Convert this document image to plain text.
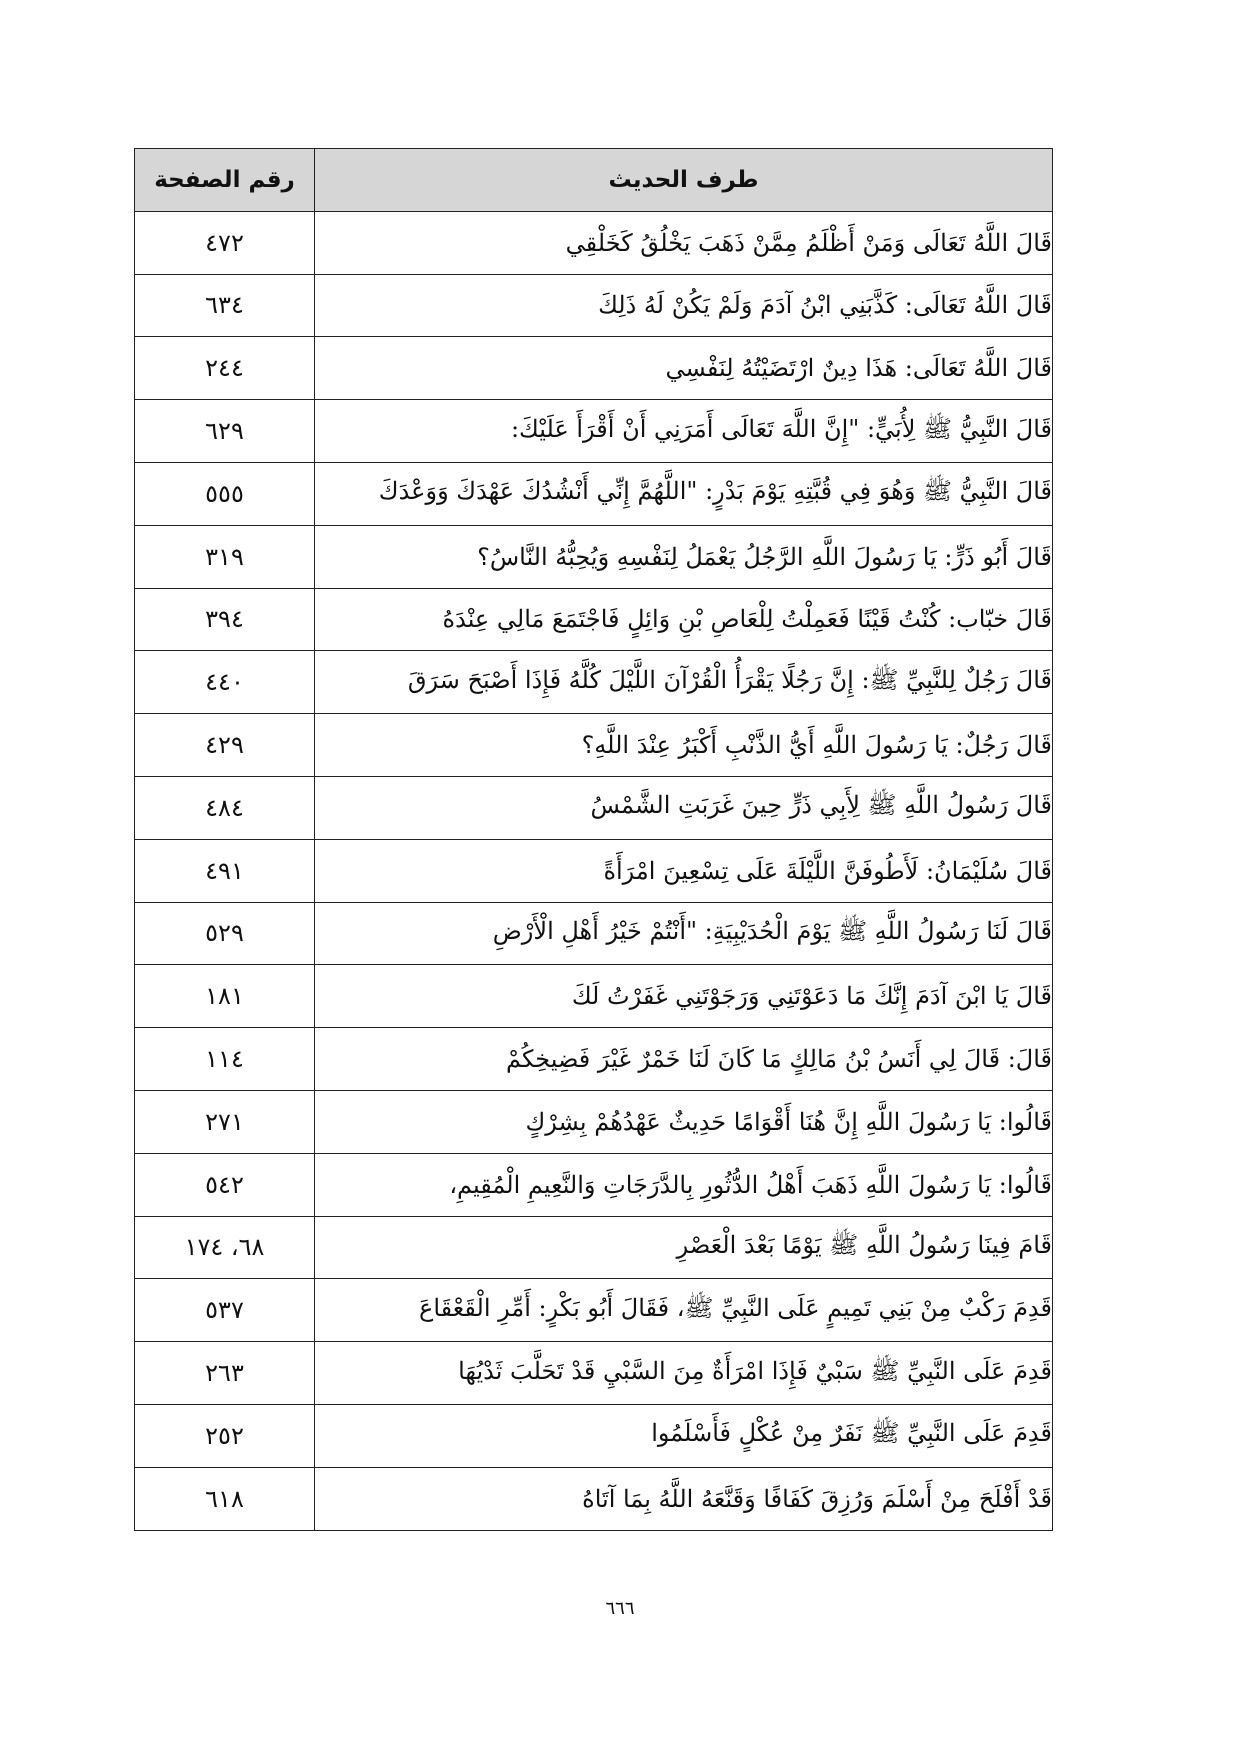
طرف الحديث	رقم الصفحة
قَالَ اللَّهُ تَعَالَى وَمَنْ أَظْلَمُ مِمَّنْ ذَهَبَ يَخْلُقُ كَخَلْقِي	٤٧٢
قَالَ اللَّهُ تَعَالَى: كَذَّبَنِي ابْنُ آدَمَ وَلَمْ يَكُنْ لَهُ ذَلِكَ	٦٣٤
قَالَ اللَّهُ تَعَالَى: هَذَا دِينٌ ارْتَضَيْتُهُ لِنَفْسِي	٢٤٤
قَالَ النَّبِيُّ ﷺ لِأُبَيٍّ: "إِنَّ اللَّهَ تَعَالَى أَمَرَنِي أَنْ أَقْرَأَ عَلَيْكَ:	٦٢٩
قَالَ النَّبِيُّ ﷺ وَهُوَ فِي قُبَّتِهِ يَوْمَ بَدْرٍ: "اللَّهُمَّ إِنِّي أَنْشُدُكَ عَهْدَكَ وَوَعْدَكَ	٥٥٥
قَالَ أَبُو ذَرٍّ: يَا رَسُولَ اللَّهِ الرَّجُلُ يَعْمَلُ لِنَفْسِهِ وَيُحِبُّهُ النَّاسُ؟	٣١٩
قَالَ خبّاب: كُنْتُ قَيْنًا فَعَمِلْتُ لِلْعَاصِ بْنِ وَائِلٍ فَاجْتَمَعَ مَالِي عِنْدَهُ	٣٩٤
قَالَ رَجُلٌ لِلنَّبِيِّ ﷺ: إِنَّ رَجُلًا يَقْرَأُ الْقُرْآنَ اللَّيْلَ كُلَّهُ فَإِذَا أَصْبَحَ سَرَقَ	٤٤٠
قَالَ رَجُلٌ: يَا رَسُولَ اللَّهِ أَيُّ الذَّنْبِ أَكْبَرُ عِنْدَ اللَّهِ؟	٤٢٩
قَالَ رَسُولُ اللَّهِ ﷺ لِأَبِي ذَرٍّ حِينَ غَرَبَتِ الشَّمْسُ	٤٨٤
قَالَ سُلَيْمَانُ: لَأَطُوفَنَّ اللَّيْلَةَ عَلَى تِسْعِينَ امْرَأَةً	٤٩١
قَالَ لَنَا رَسُولُ اللَّهِ ﷺ يَوْمَ الْحُدَيْبِيَةِ: "أَنْتُمْ خَيْرُ أَهْلِ الْأَرْضِ	٥٢٩
قَالَ يَا ابْنَ آدَمَ إِنَّكَ مَا دَعَوْتَنِي وَرَجَوْتَنِي غَفَرْتُ لَكَ	١٨١
قَالَ: قَالَ لِي أَنَسُ بْنُ مَالِكٍ مَا كَانَ لَنَا خَمْرٌ غَيْرَ فَضِيخِكُمْ	١١٤
قَالُوا: يَا رَسُولَ اللَّهِ إِنَّ هُنَا أَقْوَامًا حَدِيثٌ عَهْدُهُمْ بِشِرْكٍ	٢٧١
قَالُوا: يَا رَسُولَ اللَّهِ ذَهَبَ أَهْلُ الدُّثُورِ بِالدَّرَجَاتِ وَالنَّعِيمِ الْمُقِيمِ،	٥٤٢
قَامَ فِينَا رَسُولُ اللَّهِ ﷺ يَوْمًا بَعْدَ الْعَصْرِ	٦٨، ١٧٤
قَدِمَ رَكْبٌ مِنْ بَنِي تَمِيمٍ عَلَى النَّبِيِّ ﷺ، فَقَالَ أَبُو بَكْرٍ: أَمِّرِ الْقَعْقَاعَ	٥٣٧
قَدِمَ عَلَى النَّبِيِّ ﷺ سَبْيٌ فَإِذَا امْرَأَةٌ مِنَ السَّبْيِ قَدْ تَحَلَّبَ ثَدْيُهَا	٢٦٣
قَدِمَ عَلَى النَّبِيِّ ﷺ نَفَرٌ مِنْ عُكْلٍ فَأَسْلَمُوا	٢٥٢
قَدْ أَفْلَحَ مِنْ أَسْلَمَ وَرُزِقَ كَفَافًا وَقَنَّعَهُ اللَّهُ بِمَا آتَاهُ	٦١٨
٦٦٦
